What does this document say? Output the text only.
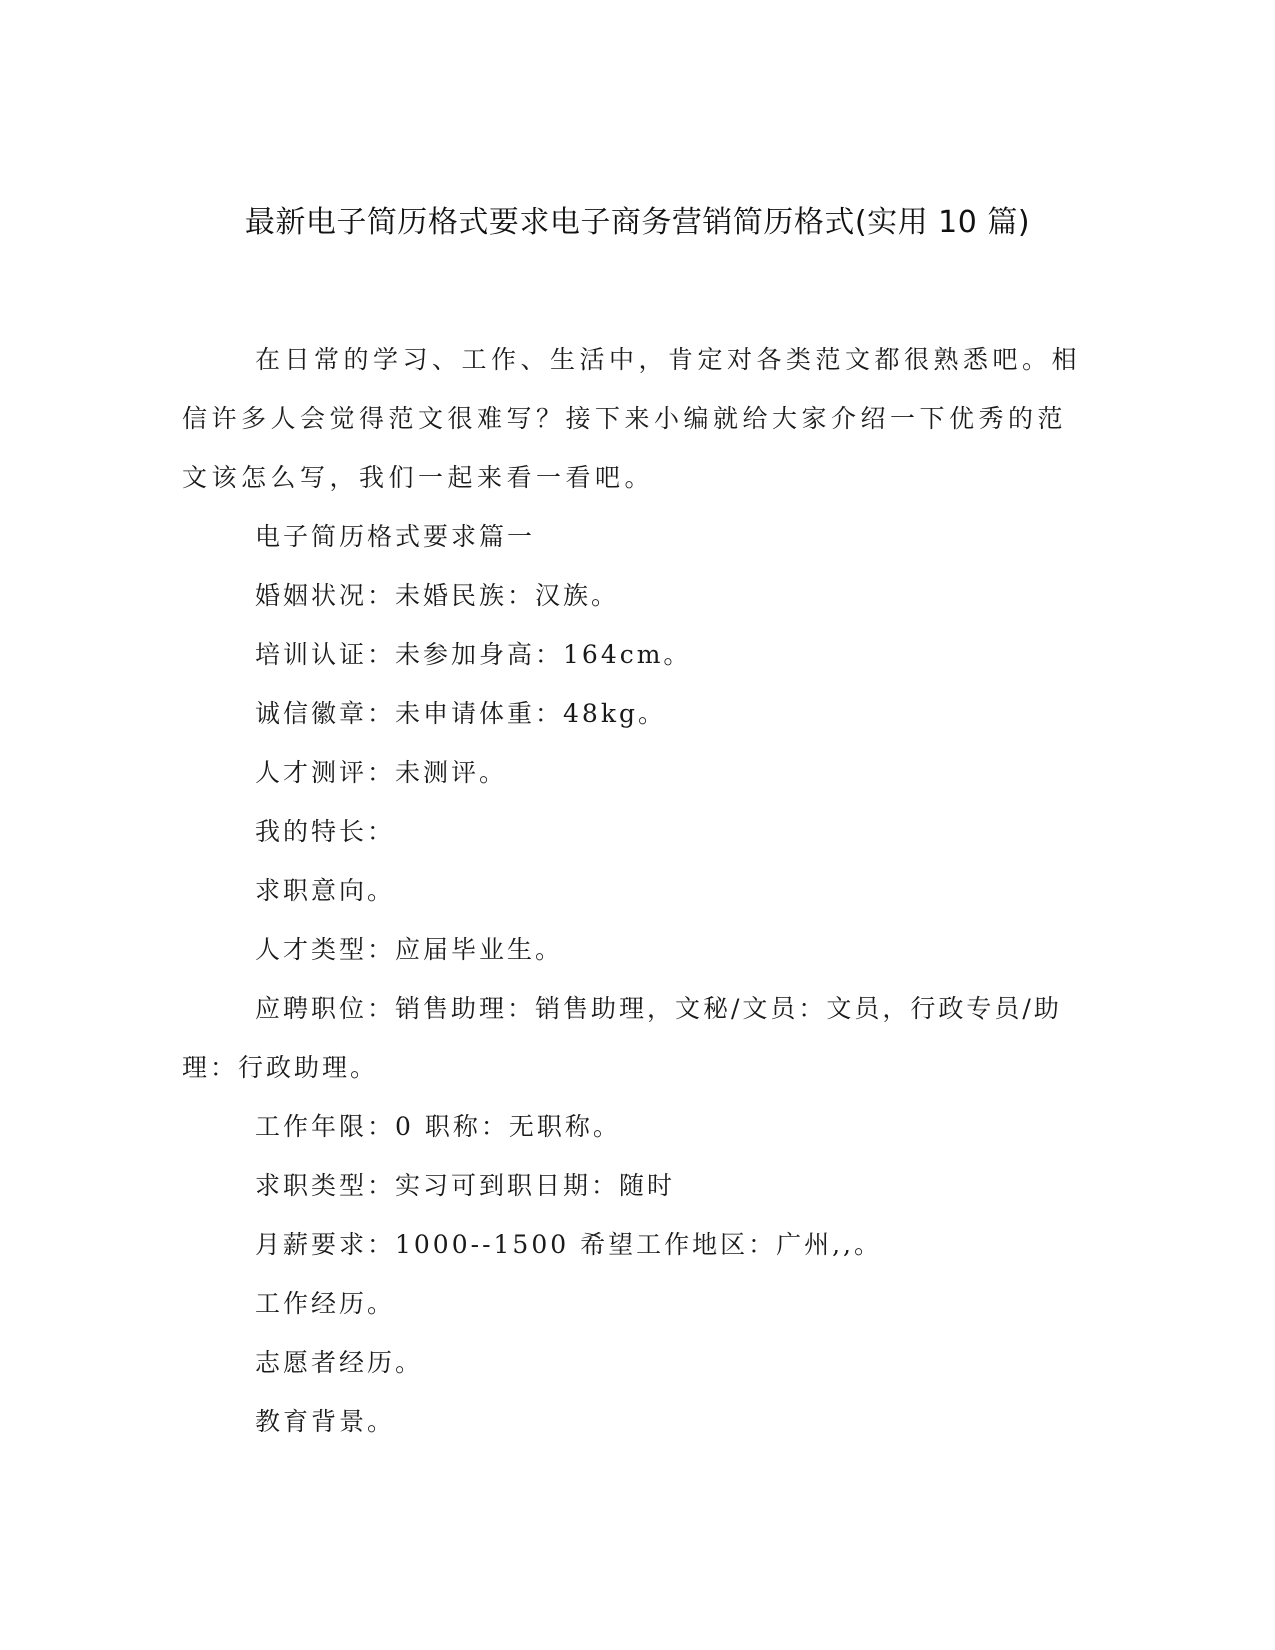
最新电子简历格式要求电子商务营销简历格式(实用 10 篇)

在日常的学习、工作、生活中，肯定对各类范文都很熟悉吧。相信许多人会觉得范文很难写？接下来小编就给大家介绍一下优秀的范文该怎么写，我们一起来看一看吧。

电子简历格式要求篇一

婚姻状况：未婚民族：汉族。

培训认证：未参加身高：164cm。

诚信徽章：未申请体重：48kg。

人才测评：未测评。

我的特长：

求职意向。

人才类型：应届毕业生。

应聘职位：销售助理：销售助理，文秘/文员：文员，行政专员/助理：行政助理。

工作年限：0 职称：无职称。

求职类型：实习可到职日期：随时

月薪要求：1000--1500 希望工作地区：广州,,。

工作经历。

志愿者经历。

教育背景。
